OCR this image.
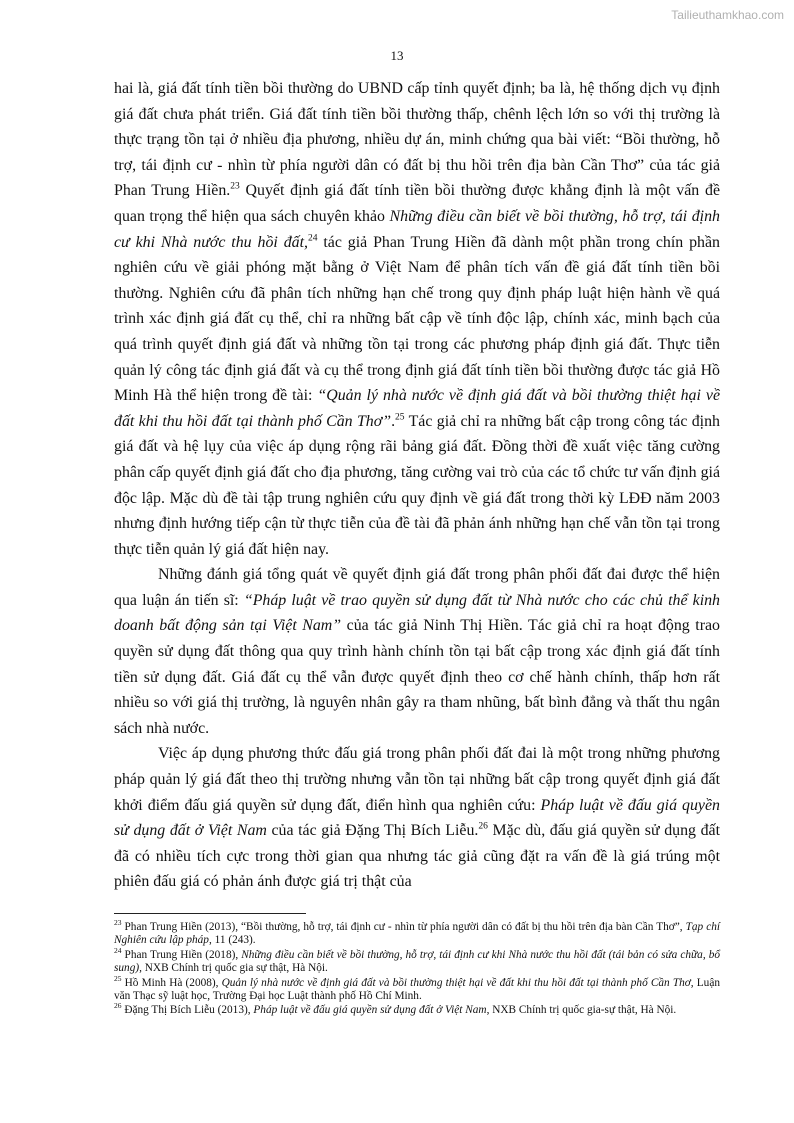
Tailieuthamkhao.com
13

hai là, giá đất tính tiền bồi thường do UBND cấp tỉnh quyết định; ba là, hệ thống dịch vụ định giá đất chưa phát triển. Giá đất tính tiền bồi thường thấp, chênh lệch lớn so với thị trường là thực trạng tồn tại ở nhiều địa phương, nhiều dự án, minh chứng qua bài viết: “Bồi thường, hỗ trợ, tái định cư - nhìn từ phía người dân có đất bị thu hồi trên địa bàn Cần Thơ” của tác giả Phan Trung Hiền.$^{23}$ Quyết định giá đất tính tiền bồi thường được khẳng định là một vấn đề quan trọng thể hiện qua sách chuyên khảo Những điều cần biết về bồi thường, hỗ trợ, tái định cư khi Nhà nước thu hồi đất,$^{24}$ tác giả Phan Trung Hiền đã dành một phần trong chín phần nghiên cứu về giải phóng mặt bằng ở Việt Nam để phân tích vấn đề giá đất tính tiền bồi thường. Nghiên cứu đã phân tích những hạn chế trong quy định pháp luật hiện hành về quá trình xác định giá đất cụ thể, chỉ ra những bất cập về tính độc lập, chính xác, minh bạch của quá trình quyết định giá đất và những tồn tại trong các phương pháp định giá đất. Thực tiễn quản lý công tác định giá đất và cụ thể trong định giá đất tính tiền bồi thường được tác giả Hồ Minh Hà thể hiện trong đề tài: “Quản lý nhà nước về định giá đất và bồi thường thiệt hại về đất khi thu hồi đất tại thành phố Cần Thơ”.$^{25}$ Tác giả chỉ ra những bất cập trong công tác định giá đất và hệ lụy của việc áp dụng rộng rãi bảng giá đất. Đồng thời đề xuất việc tăng cường phân cấp quyết định giá đất cho địa phương, tăng cường vai trò của các tổ chức tư vấn định giá độc lập. Mặc dù đề tài tập trung nghiên cứu quy định về giá đất trong thời kỳ LĐĐ năm 2003 nhưng định hướng tiếp cận từ thực tiễn của đề tài đã phản ánh những hạn chế vẫn tồn tại trong thực tiễn quản lý giá đất hiện nay.

Những đánh giá tổng quát về quyết định giá đất trong phân phối đất đai được thể hiện qua luận án tiến sĩ: “Pháp luật về trao quyền sử dụng đất từ Nhà nước cho các chủ thể kinh doanh bất động sản tại Việt Nam” của tác giả Ninh Thị Hiền. Tác giả chỉ ra hoạt động trao quyền sử dụng đất thông qua quy trình hành chính tồn tại bất cập trong xác định giá đất tính tiền sử dụng đất. Giá đất cụ thể vẫn được quyết định theo cơ chế hành chính, thấp hơn rất nhiều so với giá thị trường, là nguyên nhân gây ra tham nhũng, bất bình đẳng và thất thu ngân sách nhà nước.

Việc áp dụng phương thức đấu giá trong phân phối đất đai là một trong những phương pháp quản lý giá đất theo thị trường nhưng vẫn tồn tại những bất cập trong quyết định giá đất khởi điểm đấu giá quyền sử dụng đất, điển hình qua nghiên cứu: Pháp luật về đấu giá quyền sử dụng đất ở Việt Nam của tác giả Đặng Thị Bích Liễu.$^{26}$ Mặc dù, đấu giá quyền sử dụng đất đã có nhiều tích cực trong thời gian qua nhưng tác giả cũng đặt ra vấn đề là giá trúng một phiên đấu giá có phản ánh được giá trị thật của

$^{23}$ Phan Trung Hiền (2013), “Bồi thường, hỗ trợ, tái định cư - nhìn từ phía người dân có đất bị thu hồi trên địa bàn Cần Thơ”, Tạp chí Nghiên cứu lập pháp, 11 (243).

$^{24}$ Phan Trung Hiền (2018), Những điều cần biết về bồi thường, hỗ trợ, tái định cư khi Nhà nước thu hồi đất (tái bản có sửa chữa, bổ sung), NXB Chính trị quốc gia sự thật, Hà Nội.

$^{25}$ Hồ Minh Hà (2008), Quản lý nhà nước về định giá đất và bồi thường thiệt hại về đất khi thu hồi đất tại thành phố Cần Thơ, Luận văn Thạc sỹ luật học, Trường Đại học Luật thành phố Hồ Chí Minh.

$^{26}$ Đặng Thị Bích Liễu (2013), Pháp luật về đấu giá quyền sử dụng đất ở Việt Nam, NXB Chính trị quốc gia-sự thật, Hà Nội.
